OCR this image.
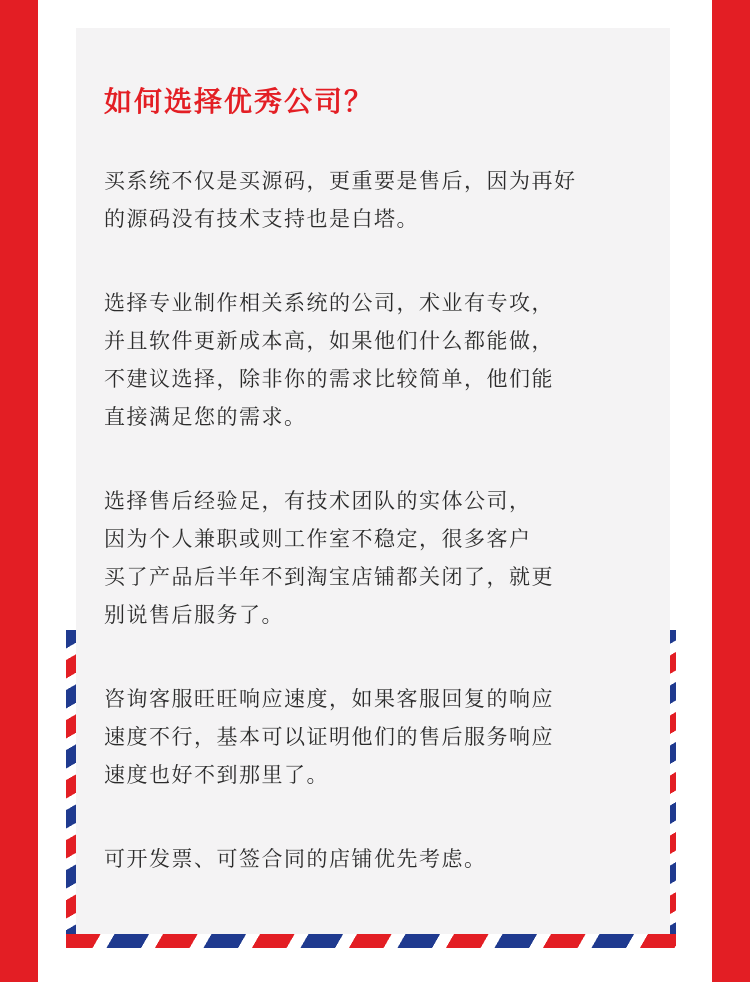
如何选择优秀公司？

买系统不仅是买源码，更重要是售后，因为再好
的源码没有技术支持也是白塔。

选择专业制作相关系统的公司，术业有专攻，
并且软件更新成本高，如果他们什么都能做，
不建议选择，除非你的需求比较简单，他们能
直接满足您的需求。

选择售后经验足，有技术团队的实体公司，
因为个人兼职或则工作室不稳定，很多客户
买了产品后半年不到淘宝店铺都关闭了，就更
别说售后服务了。

咨询客服旺旺响应速度，如果客服回复的响应
速度不行，基本可以证明他们的售后服务响应
速度也好不到那里了。

可开发票、可签合同的店铺优先考虑。
